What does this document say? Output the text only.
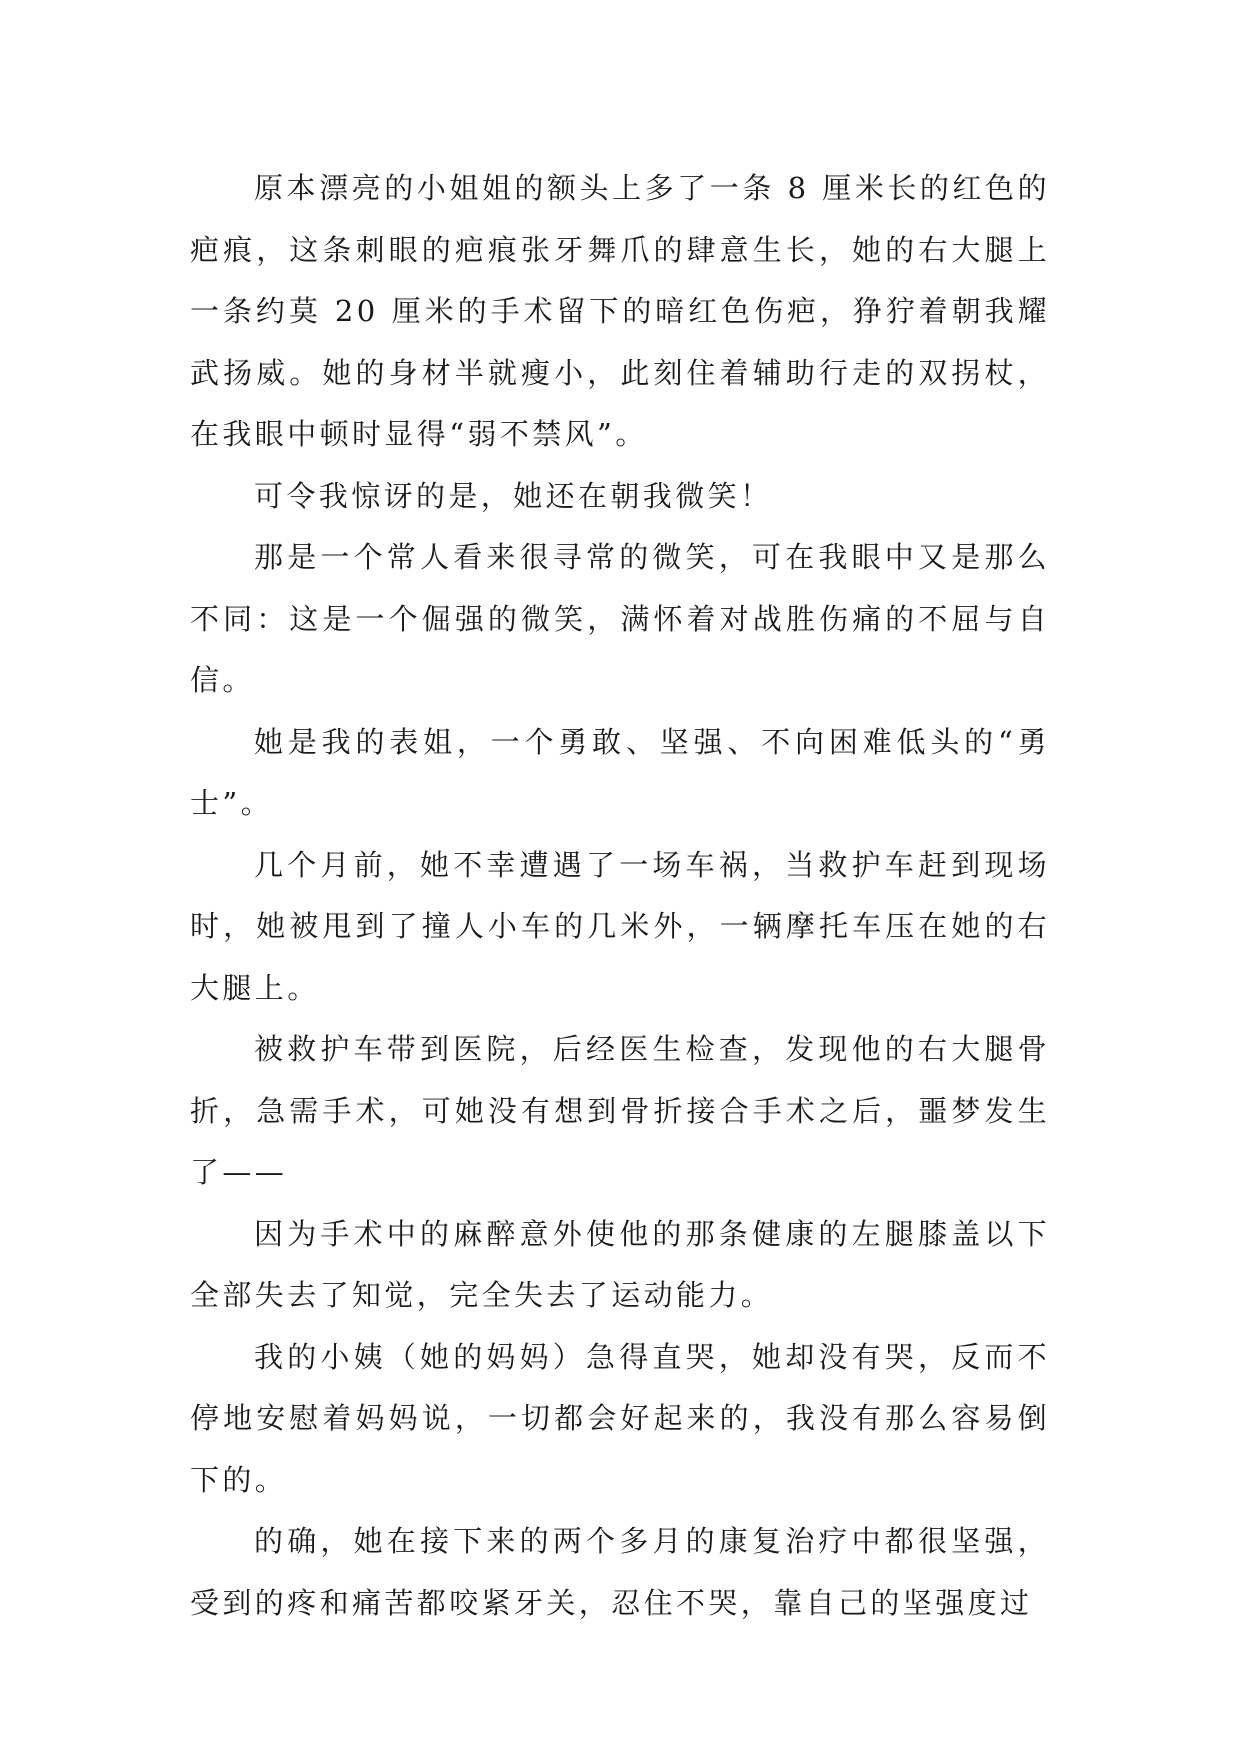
原本漂亮的小姐姐的额头上多了一条 8 厘米长的红色的疤痕，这条刺眼的疤痕张牙舞爪的肆意生长，她的右大腿上一条约莫 20 厘米的手术留下的暗红色伤疤，狰狞着朝我耀武扬威。她的身材半就瘦小，此刻住着辅助行走的双拐杖，在我眼中顿时显得“弱不禁风”。

可令我惊讶的是，她还在朝我微笑！

那是一个常人看来很寻常的微笑，可在我眼中又是那么不同：这是一个倔强的微笑，满怀着对战胜伤痛的不屈与自信。

她是我的表姐，一个勇敢、坚强、不向困难低头的“勇士”。

几个月前，她不幸遭遇了一场车祸，当救护车赶到现场时，她被甩到了撞人小车的几米外，一辆摩托车压在她的右大腿上。

被救护车带到医院，后经医生检查，发现他的右大腿骨折，急需手术，可她没有想到骨折接合手术之后，噩梦发生了——

因为手术中的麻醉意外使他的那条健康的左腿膝盖以下全部失去了知觉，完全失去了运动能力。

我的小姨（她的妈妈）急得直哭，她却没有哭，反而不停地安慰着妈妈说，一切都会好起来的，我没有那么容易倒下的。

的确，她在接下来的两个多月的康复治疗中都很坚强，受到的疼和痛苦都咬紧牙关，忍住不哭，靠自己的坚强度过
